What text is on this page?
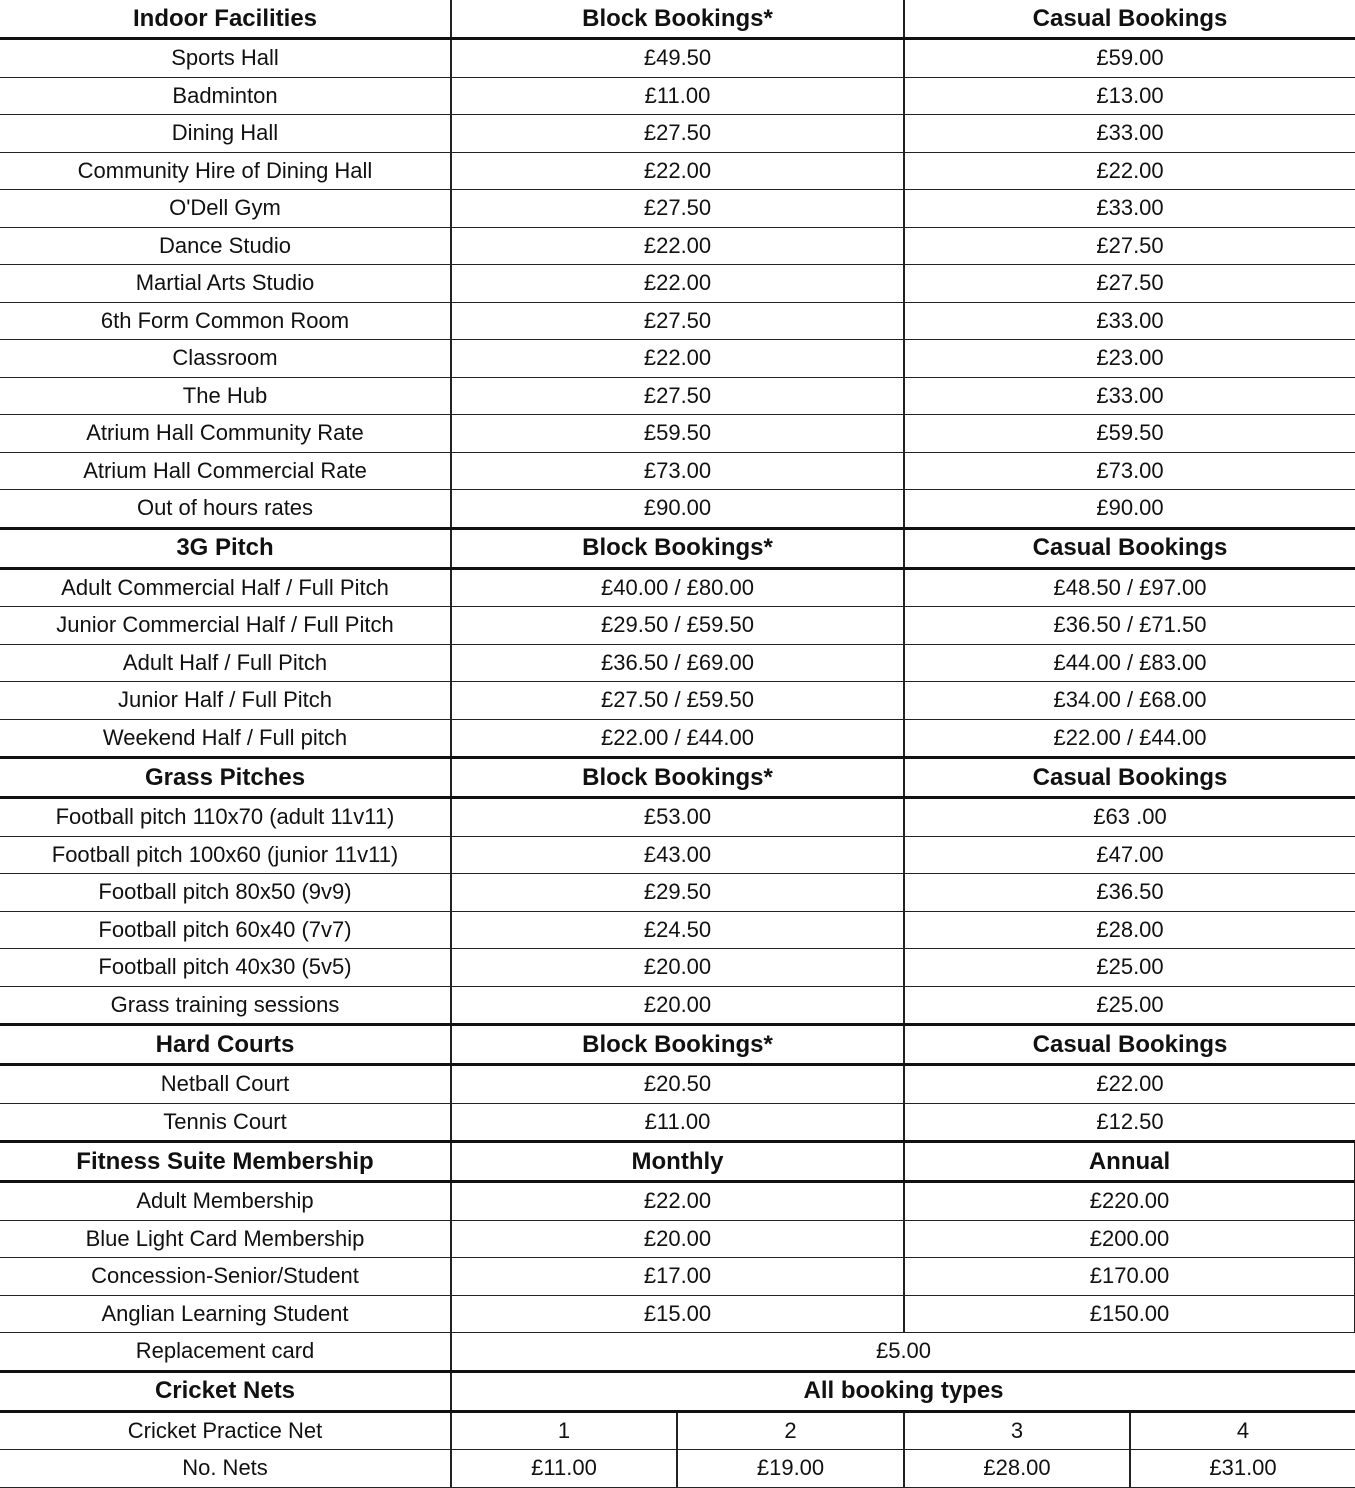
Indoor Facilities	Block Bookings*		Casual Bookings		
Sports Hall	£49.50		£59.00		
Badminton	£11.00		£13.00		
Dining Hall	£27.50		£33.00		
Community Hire of Dining Hall	£22.00		£22.00		
O'Dell Gym	£27.50		£33.00		
Dance Studio	£22.00		£27.50		
Martial Arts Studio	£22.00		£27.50		
6th Form Common Room	£27.50		£33.00		
Classroom	£22.00		£23.00		
The Hub	£27.50		£33.00		
Atrium Hall Community Rate	£59.50		£59.50		
Atrium Hall Commercial Rate	£73.00		£73.00		
Out of hours rates	£90.00		£90.00		
3G Pitch	Block Bookings*		Casual Bookings		
Adult Commercial Half / Full Pitch	£40.00 / £80.00		£48.50 / £97.00		
Junior Commercial Half / Full Pitch	£29.50 / £59.50		£36.50 / £71.50		
Adult Half / Full Pitch	£36.50 / £69.00		£44.00 / £83.00		
Junior Half / Full Pitch	£27.50 / £59.50		£34.00 / £68.00		
Weekend Half / Full pitch	£22.00 / £44.00		£22.00 / £44.00		
Grass Pitches	Block Bookings*		Casual Bookings		
Football pitch 110x70 (adult 11v11)	£53.00		£63 .00		
Football pitch 100x60 (junior 11v11)	£43.00		£47.00		
Football pitch 80x50 (9v9)	£29.50		£36.50		
Football pitch 60x40 (7v7)	£24.50		£28.00		
Football pitch 40x30 (5v5)	£20.00		£25.00		
Grass training sessions	£20.00		£25.00		
Hard Courts	Block Bookings*		Casual Bookings		
Netball Court	£20.50		£22.00		
Tennis Court	£11.00		£12.50		
Fitness Suite Membership	Monthly		Annual	
Adult Membership	£22.00		£220.00	
Blue Light Card Membership	£20.00		£200.00	
Concession-Senior/Student	£17.00		£170.00	
Anglian Learning Student	£15.00		£150.00	
Replacement card	£5.00				
Cricket Nets	All booking types				
Cricket Practice Net	1	2	3	4	
No. Nets	£11.00	£19.00	£28.00	£31.00	
